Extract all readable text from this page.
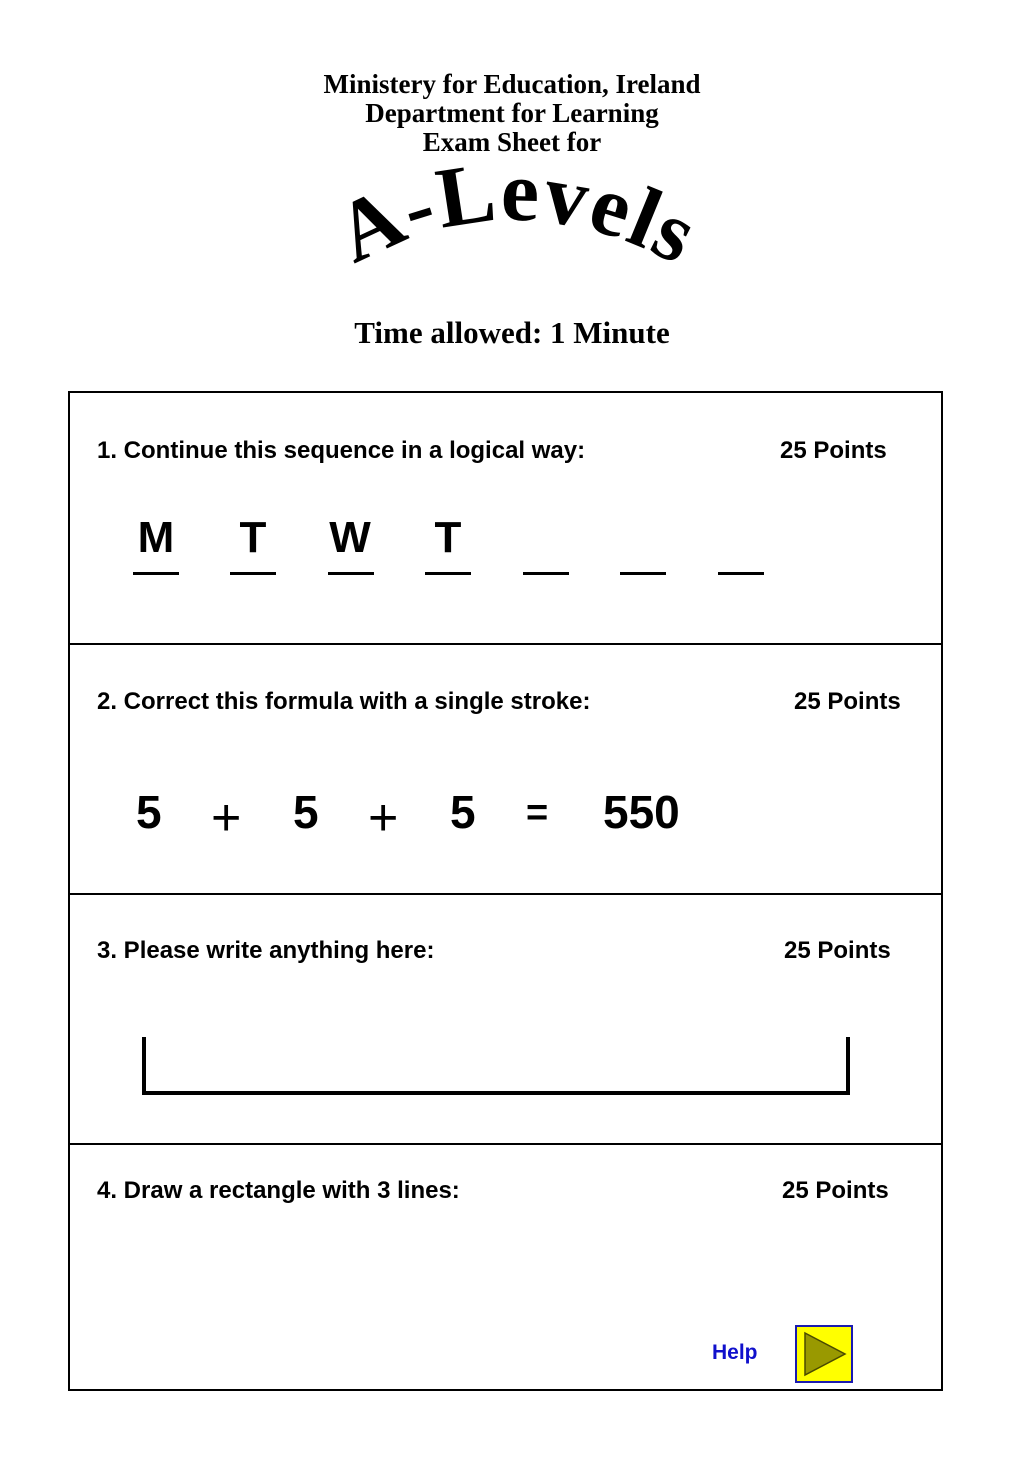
Ministery for Education, Ireland
Department for Learning
Exam Sheet for
A-Levels
Time allowed: 1 Minute
1. Continue this sequence in a logical way:	25 Points
M T W T
2. Correct this formula with a single stroke:	25 Points
5 + 5 + 5 = 550
3. Please write anything here:	25 Points
4. Draw a rectangle with 3 lines:	25 Points
Help
